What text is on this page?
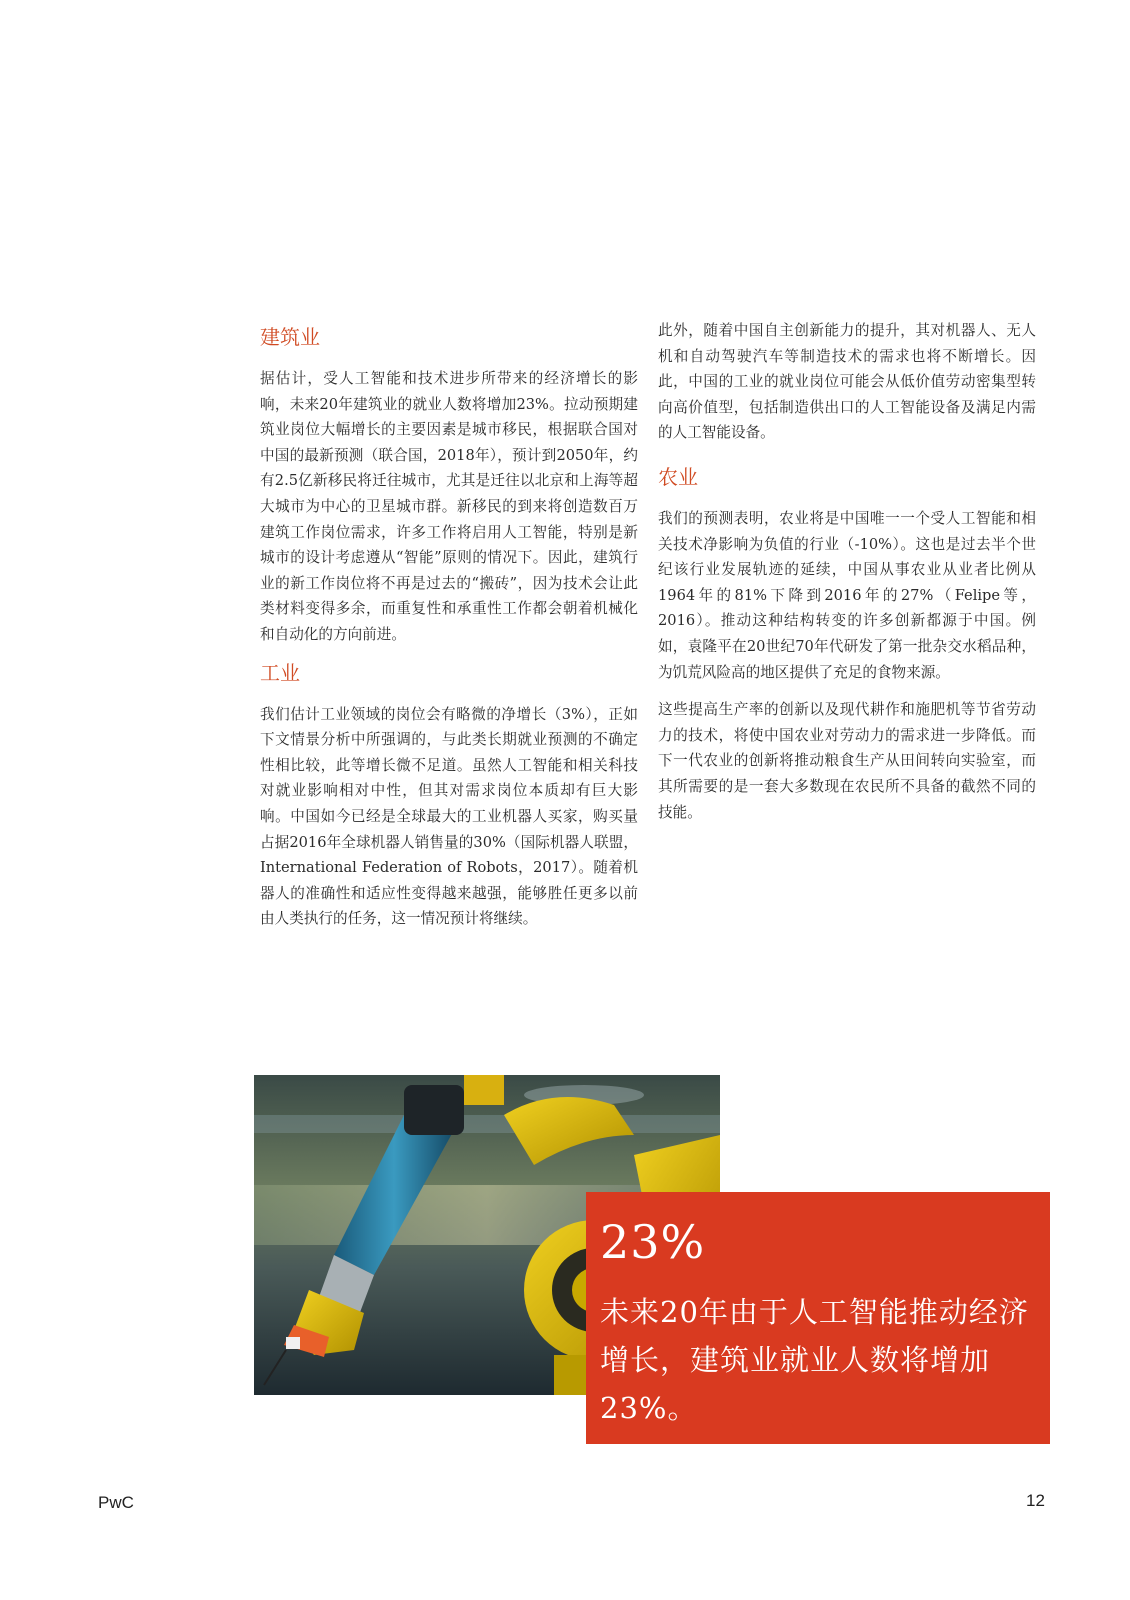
建筑业

据估计，受人工智能和技术进步所带来的经济增长的影响，未来20年建筑业的就业人数将增加23%。拉动预期建筑业岗位大幅增长的主要因素是城市移民，根据联合国对中国的最新预测（联合国，2018年），预计到2050年，约有2.5亿新移民将迁往城市，尤其是迁往以北京和上海等超大城市为中心的卫星城市群。新移民的到来将创造数百万建筑工作岗位需求，许多工作将启用人工智能，特别是新城市的设计考虑遵从“智能”原则的情况下。因此，建筑行业的新工作岗位将不再是过去的“搬砖”，因为技术会让此类材料变得多余，而重复性和承重性工作都会朝着机械化和自动化的方向前进。

工业

我们估计工业领域的岗位会有略微的净增长（3%），正如下文情景分析中所强调的，与此类长期就业预测的不确定性相比较，此等增长微不足道。虽然人工智能和相关科技对就业影响相对中性，但其对需求岗位本质却有巨大影响。中国如今已经是全球最大的工业机器人买家，购买量占据2016年全球机器人销售量的30%（国际机器人联盟，International Federation of Robots，2017）。随着机器人的准确性和适应性变得越来越强，能够胜任更多以前由人类执行的任务，这一情况预计将继续。

此外，随着中国自主创新能力的提升，其对机器人、无人机和自动驾驶汽车等制造技术的需求也将不断增长。因此，中国的工业的就业岗位可能会从低价值劳动密集型转向高价值型，包括制造供出口的人工智能设备及满足内需的人工智能设备。

农业

我们的预测表明，农业将是中国唯一一个受人工智能和相关技术净影响为负值的行业（-10%）。这也是过去半个世纪该行业发展轨迹的延续，中国从事农业从业者比例从1964年的81%下降到2016年的27%（Felipe等，2016）。推动这种结构转变的许多创新都源于中国。例如，袁隆平在20世纪70年代研发了第一批杂交水稻品种，为饥荒风险高的地区提供了充足的食物来源。

这些提高生产率的创新以及现代耕作和施肥机等节省劳动力的技术，将使中国农业对劳动力的需求进一步降低。而下一代农业的创新将推动粮食生产从田间转向实验室，而其所需要的是一套大多数现在农民所不具备的截然不同的技能。

23%

未来20年由于人工智能推动经济增长，建筑业就业人数将增加23%。

PwC	12
